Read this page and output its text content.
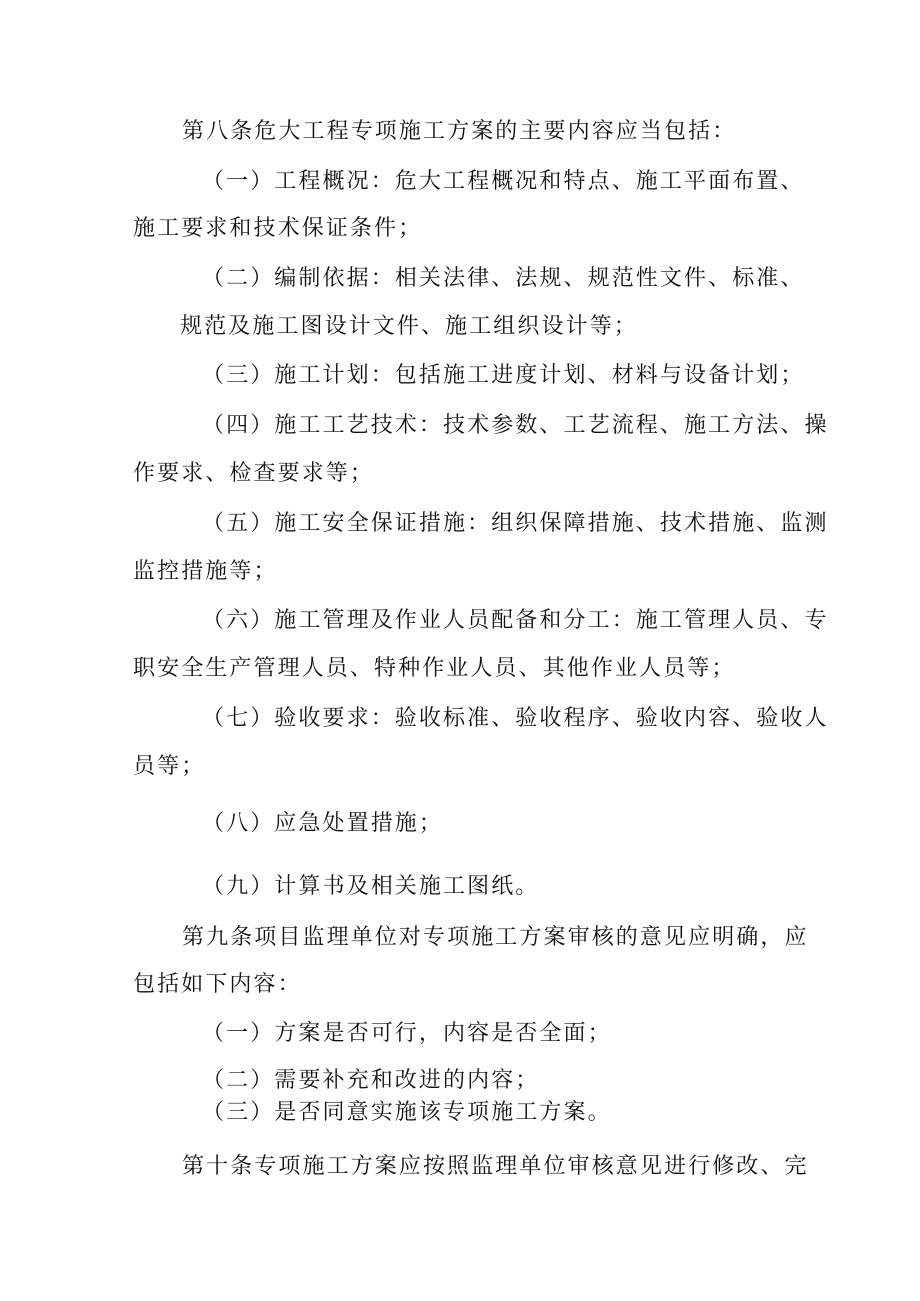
第八条危大工程专项施工方案的主要内容应当包括：

（一）工程概况：危大工程概况和特点、施工平面布置、

施工要求和技术保证条件；

（二）编制依据：相关法律、法规、规范性文件、标准、

规范及施工图设计文件、施工组织设计等；

（三）施工计划：包括施工进度计划、材料与设备计划；

（四）施工工艺技术：技术参数、工艺流程、施工方法、操

作要求、检查要求等；

（五）施工安全保证措施：组织保障措施、技术措施、监测

监控措施等；

（六）施工管理及作业人员配备和分工：施工管理人员、专

职安全生产管理人员、特种作业人员、其他作业人员等；

（七）验收要求：验收标准、验收程序、验收内容、验收人

员等；

（八）应急处置措施；

（九）计算书及相关施工图纸。

第九条项目监理单位对专项施工方案审核的意见应明确，应

包括如下内容：

（一）方案是否可行，内容是否全面；

（二）需要补充和改进的内容；

（三）是否同意实施该专项施工方案。

第十条专项施工方案应按照监理单位审核意见进行修改、完
